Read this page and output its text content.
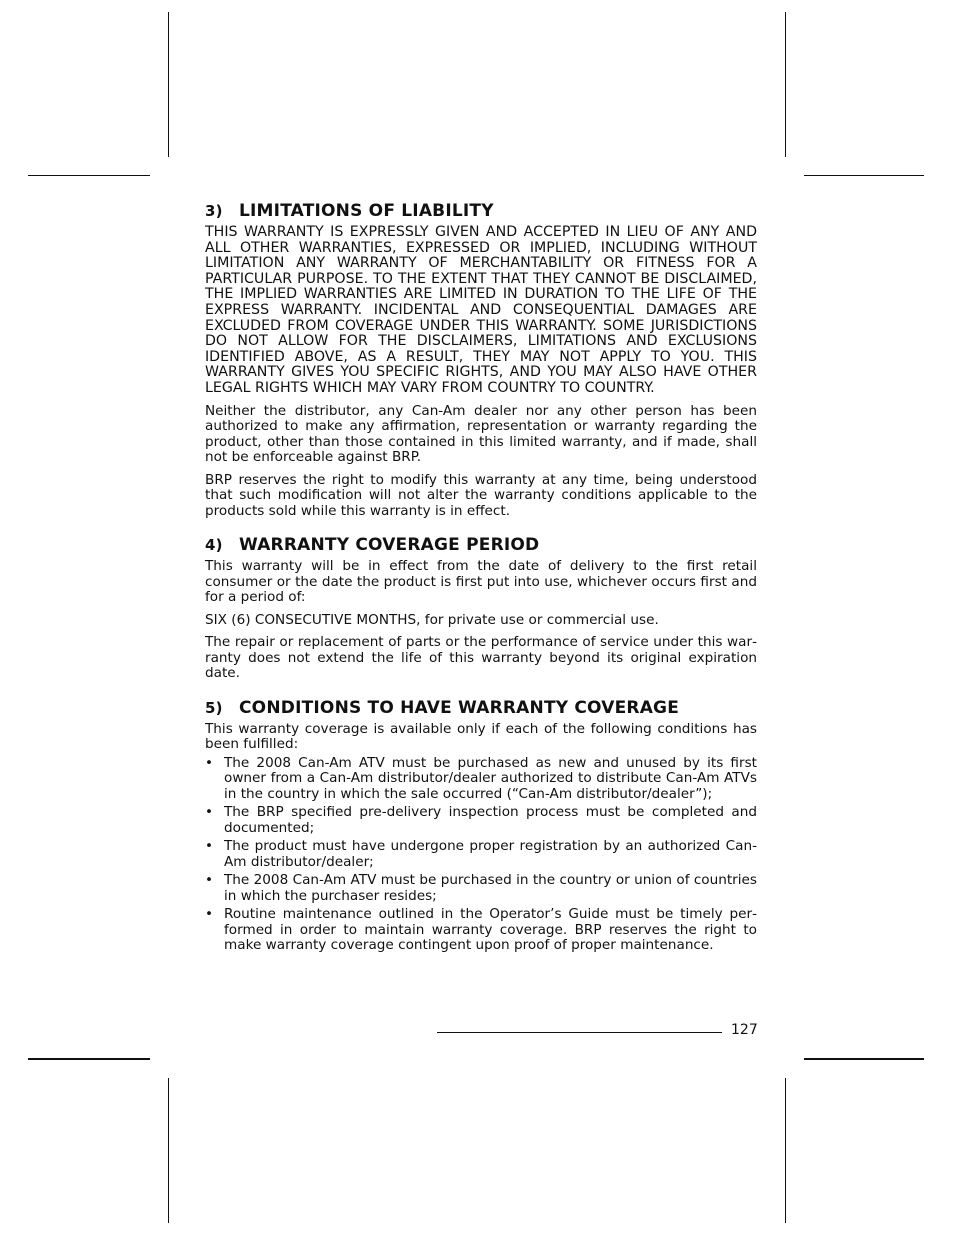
3) LIMITATIONS OF LIABILITY

THIS WARRANTY IS EXPRESSLY GIVEN AND ACCEPTED IN LIEU OF ANY AND ALL OTHER WARRANTIES, EXPRESSED OR IMPLIED, INCLUDING WITHOUT LIMITATION ANY WARRANTY OF MERCHANTABILITY OR FITNESS FOR A PARTICULAR PURPOSE. TO THE EXTENT THAT THEY CANNOT BE DISCLAIMED, THE IMPLIED WARRANTIES ARE LIMITED IN DURATION TO THE LIFE OF THE EXPRESS WARRANTY. INCIDENTAL AND CONSEQUENTIAL DAMAGES ARE EXCLUDED FROM COVERAGE UNDER THIS WARRANTY. SOME JURISDICTIONS DO NOT ALLOW FOR THE DISCLAIMERS, LIMITATIONS AND EXCLUSIONS IDENTIFIED ABOVE, AS A RESULT, THEY MAY NOT APPLY TO YOU. THIS WARRANTY GIVES YOU SPECIFIC RIGHTS, AND YOU MAY ALSO HAVE OTHER LEGAL RIGHTS WHICH MAY VARY FROM COUNTRY TO COUNTRY.

Neither the distributor, any Can-Am dealer nor any other person has been authorized to make any affirmation, representation or warranty regarding the product, other than those contained in this limited warranty, and if made, shall not be enforceable against BRP.

BRP reserves the right to modify this warranty at any time, being understood that such modification will not alter the warranty conditions applicable to the products sold while this warranty is in effect.

4) WARRANTY COVERAGE PERIOD

This warranty will be in effect from the date of delivery to the first retail consumer or the date the product is first put into use, whichever occurs first and for a period of:

SIX (6) CONSECUTIVE MONTHS, for private use or commercial use.

The repair or replacement of parts or the performance of service under this warranty does not extend the life of this warranty beyond its original expiration date.

5) CONDITIONS TO HAVE WARRANTY COVERAGE

This warranty coverage is available only if each of the following conditions has been fulfilled:

• The 2008 Can-Am ATV must be purchased as new and unused by its first owner from a Can-Am distributor/dealer authorized to distribute Can-Am ATVs in the country in which the sale occurred (“Can-Am distributor/dealer”);
• The BRP specified pre-delivery inspection process must be completed and documented;
• The product must have undergone proper registration by an authorized Can-Am distributor/dealer;
• The 2008 Can-Am ATV must be purchased in the country or union of countries in which the purchaser resides;
• Routine maintenance outlined in the Operator’s Guide must be timely performed in order to maintain warranty coverage. BRP reserves the right to make warranty coverage contingent upon proof of proper maintenance.
127
